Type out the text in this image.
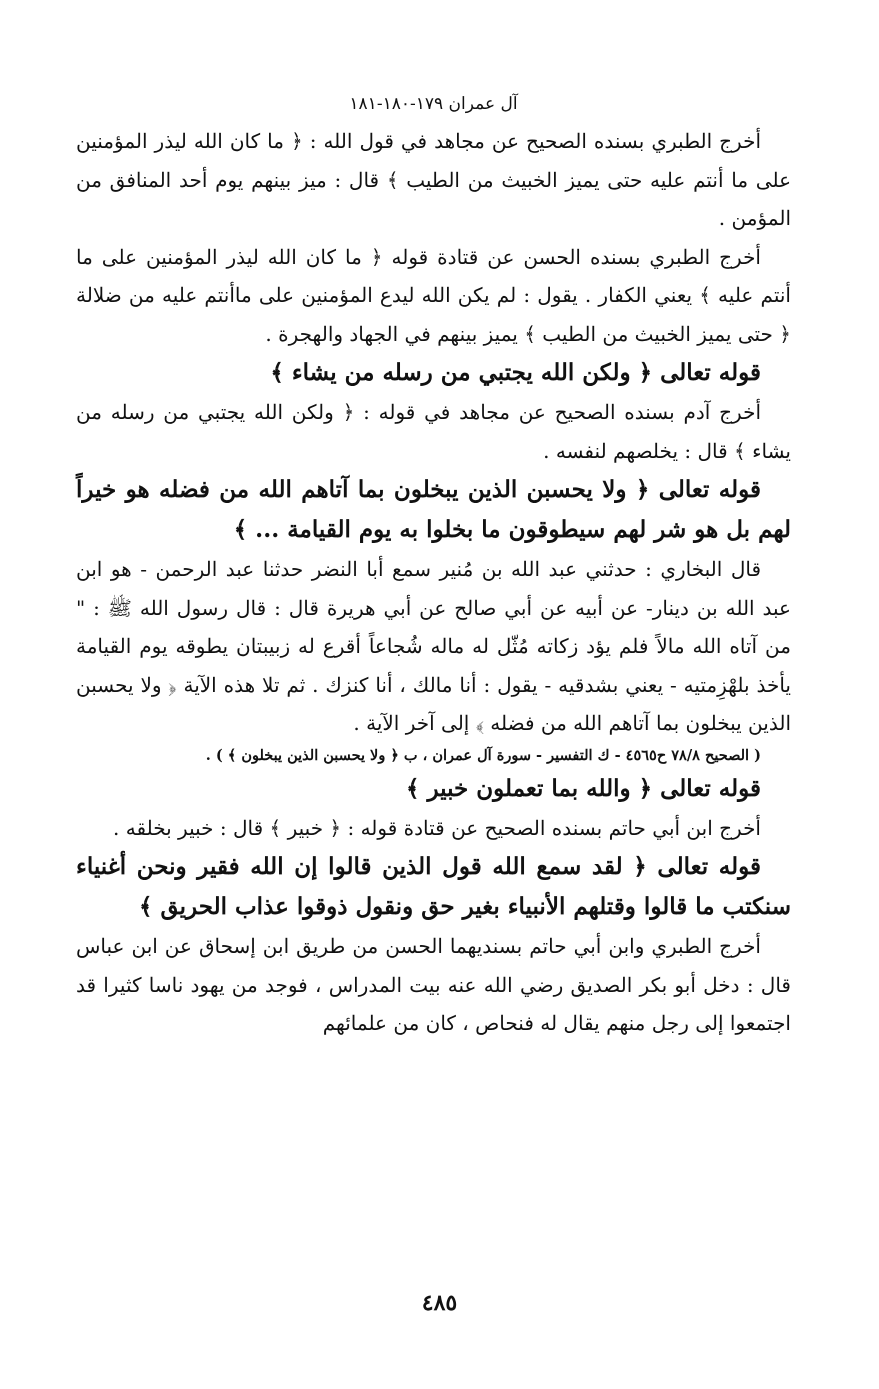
آل عمران ١٧٩-١٨٠-١٨١

أخرج الطبري بسنده الصحيح عن مجاهد في قول الله : ﴿ ما كان الله ليذر المؤمنين على ما أنتم عليه حتى يميز الخبيث من الطيب ﴾ قال : ميز بينهم يوم أحد المنافق من المؤمن .

أخرج الطبري بسنده الحسن عن قتادة قوله ﴿ ما كان الله ليذر المؤمنين على ما أنتم عليه ﴾ يعني الكفار . يقول : لم يكن الله ليدع المؤمنين على ماأنتم عليه من ضلالة ﴿ حتى يميز الخبيث من الطيب ﴾ يميز بينهم في الجهاد والهجرة .

قوله تعالى ﴿ ولكن الله يجتبي من رسله من يشاء ﴾

أخرج آدم بسنده الصحيح عن مجاهد في قوله : ﴿ ولكن الله يجتبي من رسله من يشاء ﴾ قال : يخلصهم لنفسه .

قوله تعالى ﴿ ولا يحسبن الذين يبخلون بما آتاهم الله من فضله هو خيراً لهم بل هو شر لهم سيطوقون ما بخلوا به يوم القيامة ... ﴾

قال البخاري : حدثني عبد الله بن مُنير سمع أبا النضر حدثنا عبد الرحمن - هو ابن عبد الله بن دينار- عن أبيه عن أبي صالح عن أبي هريرة قال : قال رسول الله ﷺ : " من آتاه الله مالاً فلم يؤد زكاته مُثّل له ماله شُجاعاً أقرع له زبيبتان يطوقه يوم القيامة يأخذ بلهْزِمتيه - يعني بشدقيه - يقول : أنا مالك ، أنا كنزك . ثم تلا هذه الآية ﴿ ولا يحسبن الذين يبخلون بما آتاهم الله من فضله ﴾ إلى آخر الآية .

( الصحيح ٧٨/٨ ح٤٥٦٥ - ك التفسير - سورة آل عمران ، ب ﴿ ولا يحسبن الذين يبخلون ﴾ ) .

قوله تعالى ﴿ والله بما تعملون خبير ﴾

أخرج ابن أبي حاتم بسنده الصحيح عن قتادة قوله : ﴿ خبير ﴾ قال : خبير بخلقه .

قوله تعالى ﴿ لقد سمع الله قول الذين قالوا إن الله فقير ونحن أغنياء سنكتب ما قالوا وقتلهم الأنبياء بغير حق ونقول ذوقوا عذاب الحريق ﴾

أخرج الطبري وابن أبي حاتم بسنديهما الحسن من طريق ابن إسحاق عن ابن عباس قال : دخل أبو بكر الصديق رضي الله عنه بيت المدراس ، فوجد من يهود ناسا كثيرا قد اجتمعوا إلى رجل منهم يقال له فنحاص ، كان من علمائهم

٤٨٥
